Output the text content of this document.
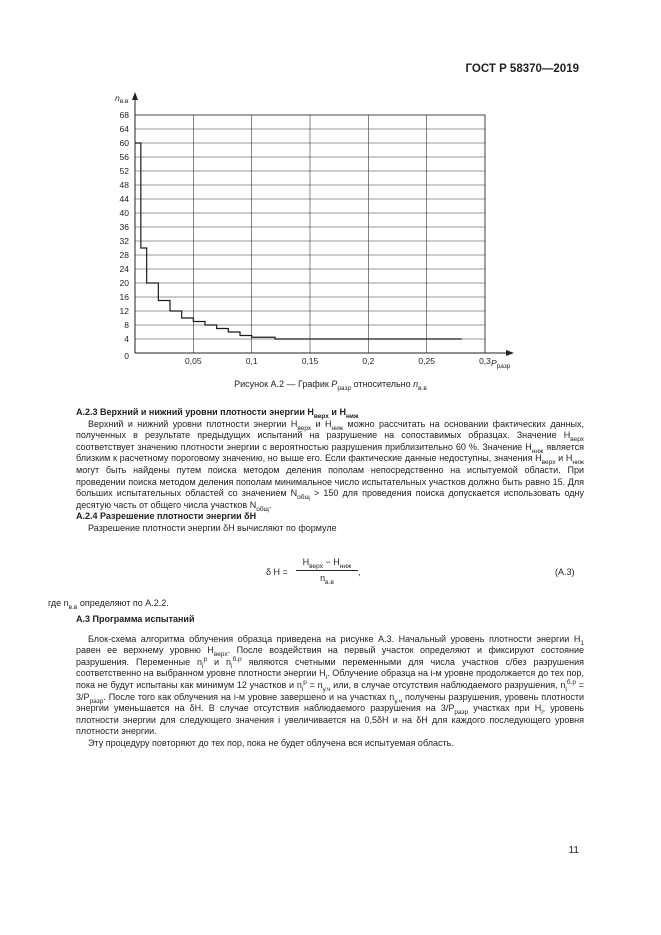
ГОСТ Р 58370—2019
4
8
12
16
20
24
28
32
36
40
44
48
52
56
60
64
68
0	0,05	0,1	0,15	0,2	0,25	0,3
$n_{в.в}$
$P_{разр}$
Рисунок А.2 — График $P_{разр}$ относительно $n_{в.в}$
А.2.3 Верхний и нижний уровни плотности энергии $H_{верх}$ и $H_{ниж}$
Верхний и нижний уровни плотности энергии $H_{верх}$ и $H_{ниж}$ можно рассчитать на основании фактических данных, полученных в результате предыдущих испытаний на разрушение на сопоставимых образцах. Значение $H_{верх}$ соответствует значению плотности энергии с вероятностью разрушения приблизительно 60 %. Значение $H_{ниж}$ является близким к расчетному пороговому значению, но выше его. Если фактические данные недоступны, значения $H_{верх}$ и $H_{ниж}$ могут быть найдены путем поиска методом деления пополам непосредственно на испытуемой области. При проведении поиска методом деления пополам минимальное число испытательных участков должно быть равно 15. Для больших испытательных областей со значением $N_{общ} > 150$ для проведения поиска допускается использовать одну десятую часть от общего числа участков $N_{общ}$.
А.2.4 Разрешение плотности энергии δH
Разрешение плотности энергии δH вычисляют по формуле
δ H =
$H_{верх} - H_{ниж}$
$n_{в.в}$
,	(А.3)
где $n_{в.в}$ определяют по А.2.2.
А.3 Программа испытаний
Блок-схема алгоритма облучения образца приведена на рисунке А.3. Начальный уровень плотности энергии $H_1$ равен ее верхнему уровню $H_{верх}$. После воздействия на первый участок определяют и фиксируют состояние разрушения. Переменные $n_i^р$ и $n_i^{б.р}$ являются счетными переменными для числа участков с/без разрушения соответственно на выбранном уровне плотности энергии $H_i$. Облучение образца на i-м уровне продолжается до тех пор, пока не будут испытаны как минимум 12 участков и $n_i^р = n_{у.ч}$ или, в случае отсутствия наблюдаемого разрушения, $n_i^{б.р} = 3/P_{разр}$. После того как облучения на i-м уровне завершено и на участках $n_{у.ч}$ получены разрушения, уровень плотности энергии уменьшается на δH. В случае отсутствия наблюдаемого разрушения на $3/P_{разр}$ участках при $H_i$, уровень плотности энергии для следующего значения i увеличивается на 0,5δH и на δH для каждого последующего уровня плотности энергии.
Эту процедуру повторяют до тех пор, пока не будет облучена вся испытуемая область.
11
